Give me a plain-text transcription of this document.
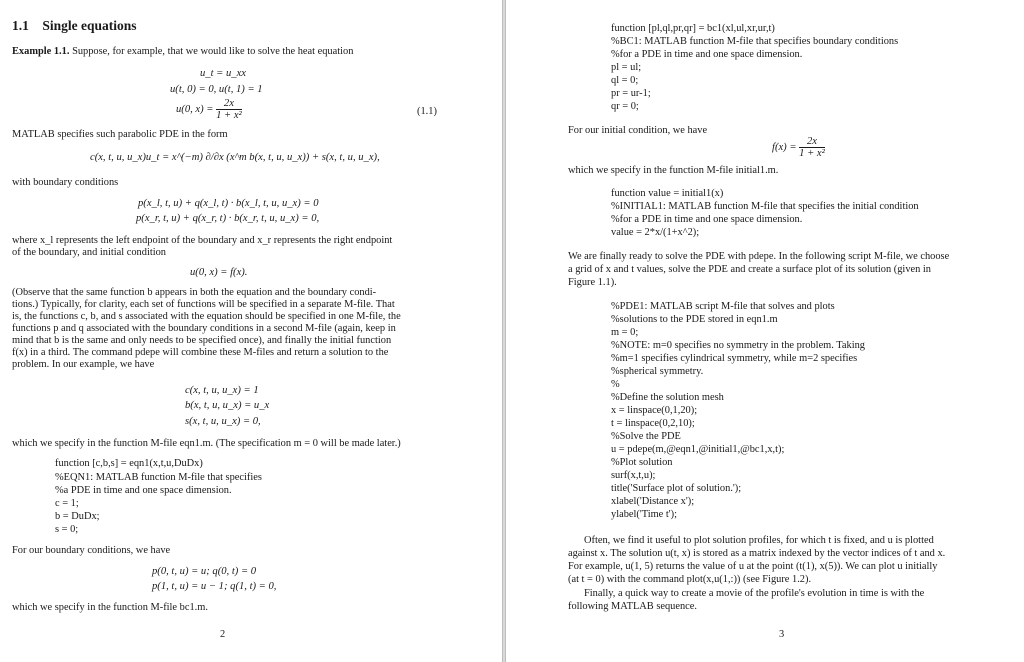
1.1 Single equations
Example 1.1. Suppose, for example, that we would like to solve the heat equation
u_t = u_xx
u(t, 0) = 0, u(t, 1) = 1
u(0, $x) = \frac{2x}{\text{1 + x²}}$	(1.1)
MATLAB specifies such parabolic PDE in the form
c(x, t, u, u_x)u_t = x^(−m) ∂/∂x (x^m b(x, t, u, u_x)) + s(x, t, u, u_x),
with boundary conditions
p(x_l, t, u) + q(x_l, t) · b(x_l, t, u, u_x) = 0
p(x_r, t, u) + q(x_r, t) · b(x_r, t, u, u_x) = 0,
where x_l represents the left endpoint of the boundary and x_r represents the right endpoint
of the boundary, and initial condition
u(0, x) = f(x).
(Observe that the same function b appears in both the equation and the boundary condi-
tions.) Typically, for clarity, each set of functions will be specified in a separate M-file. That
is, the functions c, b, and s associated with the equation should be specified in one M-file, the
functions p and q associated with the boundary conditions in a second M-file (again, keep in
mind that b is the same and only needs to be specified once), and finally the initial function
f(x) in a third. The command pdepe will combine these M-files and return a solution to the
problem. In our example, we have
c(x, t, u, u_x) = 1
b(x, t, u, u_x) = u_x
s(x, t, u, u_x) = 0,
which we specify in the function M-file eqn1.m. (The specification m = 0 will be made later.)
function [c,b,s] = eqn1(x,t,u,DuDx)
%EQN1: MATLAB function M-file that specifies
%a PDE in time and one space dimension.
c = 1;
b = DuDx;
s = 0;
For our boundary conditions, we have
p(0, t, u) = u; q(0, t) = 0
p(1, t, u) = u − 1; q(1, t) = 0,
which we specify in the function M-file bc1.m.
2
function [pl,ql,pr,qr] = bc1(xl,ul,xr,ur,t)
%BC1: MATLAB function M-file that specifies boundary conditions
%for a PDE in time and one space dimension.
pl = ul;
ql = 0;
pr = ur-1;
qr = 0;
For our initial condition, we have
$f(x) = \frac{2x}{\text{1 + x²}}$
which we specify in the function M-file initial1.m.
function value = initial1(x)
%INITIAL1: MATLAB function M-file that specifies the initial condition
%for a PDE in time and one space dimension.
value = 2*x/(1+x^2);
We are finally ready to solve the PDE with pdepe. In the following script M-file, we choose
a grid of x and t values, solve the PDE and create a surface plot of its solution (given in
Figure 1.1).
%PDE1: MATLAB script M-file that solves and plots
%solutions to the PDE stored in eqn1.m
m = 0;
%NOTE: m=0 specifies no symmetry in the problem. Taking
%m=1 specifies cylindrical symmetry, while m=2 specifies
%spherical symmetry.
%
%Define the solution mesh
x = linspace(0,1,20);
t = linspace(0,2,10);
%Solve the PDE
u = pdepe(m,@eqn1,@initial1,@bc1,x,t);
%Plot solution
surf(x,t,u);
title('Surface plot of solution.');
xlabel('Distance x');
ylabel('Time t');
Often, we find it useful to plot solution profiles, for which t is fixed, and u is plotted
against x. The solution u(t, x) is stored as a matrix indexed by the vector indices of t and x.
For example, u(1, 5) returns the value of u at the point (t(1), x(5)). We can plot u initially
(at t = 0) with the command plot(x,u(1,:)) (see Figure 1.2).
Finally, a quick way to create a movie of the profile's evolution in time is with the
following MATLAB sequence.
3
